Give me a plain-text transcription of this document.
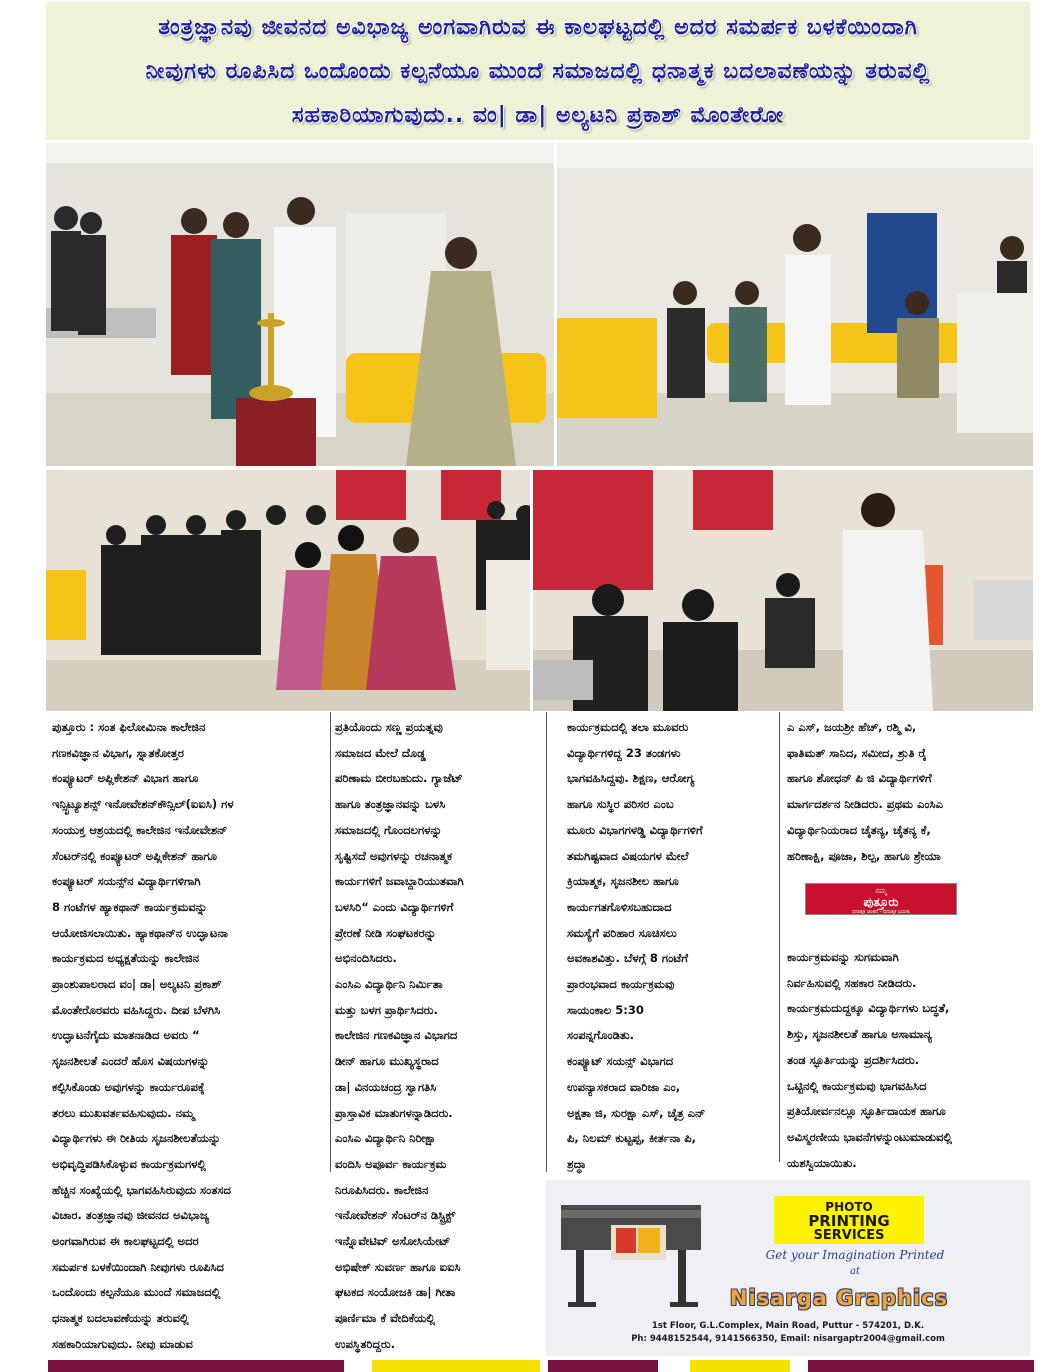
ತಂತ್ರಜ್ಞಾನವು ಜೀವನದ ಅವಿಭಾಜ್ಯ ಅಂಗವಾಗಿರುವ ಈ ಕಾಲಘಟ್ಟದಲ್ಲಿ ಅದರ ಸಮರ್ಪಕ ಬಳಕೆಯಿಂದಾಗಿ
ನೀವುಗಳು ರೂಪಿಸಿದ ಒಂದೊಂದು ಕಲ್ಪನೆಯೂ ಮುಂದೆ ಸಮಾಜದಲ್ಲಿ ಧನಾತ್ಮಕ ಬದಲಾವಣೆಯನ್ನು ತರುವಲ್ಲಿ
ಸಹಕಾರಿಯಾಗುವುದು.. ವಂ| ಡಾ| ಅಲ್ಯಟನಿ ಪ್ರಕಾಶ್ ಮೊಂತೇರೋ

ಪುತ್ತೂರು : ಸಂತ ಫಿಲೋಮಿನಾ ಕಾಲೇಜಿನ

ಗಣಕವಿಜ್ಞಾನ ವಿಭಾಗ, ಸ್ನಾತಕೋತ್ತರ

ಕಂಪ್ಯೂಟರ್ ಅಪ್ಲಿಕೇಶನ್ ವಿಭಾಗ ಹಾಗೂ

ಇನ್ಸ್ಟಿಟ್ಯೂಶನ್ಸ್ ಇನೋವೇಶನ್‌ಕೌನ್ಸಿಲ್(ಐಐಸಿ) ಗಳ

ಸಂಯುಕ್ತ ಆಶ್ರಯದಲ್ಲಿ ಕಾಲೇಜಿನ ಇನೋವೇಶನ್

ಸೆಂಟರ್‌ನಲ್ಲಿ ಕಂಪ್ಯೂಟರ್ ಅಪ್ಲಿಕೇಶನ್ ಹಾಗೂ

ಕಂಪ್ಯೂಟರ್ ಸಯನ್ಸ್‌ನ ವಿದ್ಯಾರ್ಥಿಗಳಿಗಾಗಿ

8 ಗಂಟೆಗಳ ಹ್ಯಾಕಥಾನ್ ಕಾರ್ಯಕ್ರಮವನ್ನು

ಆಯೋಜಿಸಲಾಯಿತು. ಹ್ಯಾಕಥಾನ್‌ನ ಉದ್ಘಾಟನಾ

ಕಾರ್ಯಕ್ರಮದ ಅಧ್ಯಕ್ಷತೆಯನ್ನು ಕಾಲೇಜಿನ

ಪ್ರಾಂಶುಪಾಲರಾದ ವಂ| ಡಾ| ಅಲ್ಯಟನಿ ಪ್ರಕಾಶ್

ಮೊಂತೇರೊರವರು ವಹಿಸಿದ್ದರು. ದೀಪ ಬೆಳಗಿಸಿ

ಉದ್ಘಾಟನೆಗೈದು ಮಾತನಾಡಿದ ಅವರು “

ಸೃಜನಶೀಲತೆ ಎಂದರೆ ಹೊಸ ವಿಷಯಗಳನ್ನು

ಕಲ್ಪಿಸಿಕೊಂಡು ಅವುಗಳನ್ನು ಕಾರ್ಯರೂಪಕ್ಕೆ

ತರಲು ಮುಖವರ್ತವಹಿಸುವುದು. ನಮ್ಮ

ವಿದ್ಯಾರ್ಥಿಗಳು ಈ ರೀತಿಯ ಸೃಜನಶೀಲತೆಯನ್ನು

ಅಭಿವೃದ್ಧಿಪಡಿಸಿಕೊಳ್ಳುವ ಕಾರ್ಯಕ್ರಮಗಳಲ್ಲಿ

ಹೆಚ್ಚಿನ ಸಂಖ್ಯೆಯಲ್ಲಿ ಭಾಗವಹಿಸಿರುವುದು ಸಂತಸದ

ವಿಚಾರ. ತಂತ್ರಜ್ಞಾನವು ಜೀವನದ ಅವಿಭಾಜ್ಯ

ಅಂಗವಾಗಿರುವ ಈ ಕಾಲಘಟ್ಟದಲ್ಲಿ ಅದರ

ಸಮರ್ಪಕ ಬಳಕೆಯಿಂದಾಗಿ ನೀವುಗಳು ರೂಪಿಸಿದ

ಒಂದೊಂದು ಕಲ್ಪನೆಯೂ ಮುಂದೆ ಸಮಾಜದಲ್ಲಿ

ಧನಾತ್ಮಕ ಬದಲಾವಣೆಯನ್ನು ತರುವಲ್ಲಿ

ಸಹಕಾರಿಯಾಗುವುದು. ನೀವು ಮಾಡುವ

ಪ್ರತಿಯೊಂದು ಸಣ್ಣ ಪ್ರಯತ್ನವು

ಸಮಾಜದ ಮೇಲೆ ದೊಡ್ಡ

ಪರಿಣಾಮ ಬೀರಬಹುದು. ಗ್ಯಾಜೆಟ್

ಹಾಗೂ ತಂತ್ರಜ್ಞಾನವನ್ನು ಬಳಸಿ

ಸಮಾಜದಲ್ಲಿ ಗೊಂದಲಗಳನ್ನು

ಸೃಷ್ಟಿಸದೆ ಅವುಗಳನ್ನು ರಚನಾತ್ಮಕ

ಕಾರ್ಯಗಳಿಗೆ ಜವಾಬ್ದಾರಿಯುತವಾಗಿ

ಬಳಸಿರಿ“ ಎಂದು ವಿದ್ಯಾರ್ಥಿಗಳಿಗೆ

ಪ್ರೇರಣೆ ನೀಡಿ ಸಂಘಟಕರನ್ನು

ಅಭಿನಂದಿಸಿದರು.

ಎಂಸಿಎ ವಿದ್ಯಾರ್ಥಿನಿ ನಿರ್ಮಿತಾ

ಮತ್ತು ಬಳಗ ಪ್ರಾರ್ಥಿಸಿದರು.

ಕಾಲೇಜಿನ ಗಣಕವಿಜ್ಞಾನ ವಿಭಾಗದ

ಡೀನ್ ಹಾಗೂ ಮುಖ್ಯಸ್ಥರಾದ

ಡಾ| ವಿನಯಚಂದ್ರ ಸ್ವಾಗತಿಸಿ

ಪ್ರಾಸ್ತಾವಿಕ ಮಾತುಗಳನ್ನಾಡಿದರು.

ಎಂಸಿಎ ವಿದ್ಯಾರ್ಥಿನಿ ನಿರೀಕ್ಷಾ

ವಂದಿಸಿ ಅಪೂರ್ವ ಕಾರ್ಯಕ್ರಮ

ನಿರೂಪಿಸಿದರು. ಕಾಲೇಜಿನ

ಇನೋವೇಶನ್ ಸೆಂಟರ್‌ನ ಡಿಸ್ಟ್ರಿಕ್ಟ್

ಇನ್ನೊವೇಟಿವ್ ಅಸೋಸಿಯೇಟ್

ಅಭಿಷೇಕ್ ಸುವರ್ಣ ಹಾಗೂ ಐಐಸಿ

ಘಟಕದ ಸಂಯೋಜಕಿ ಡಾ| ಗೀತಾ

ಪೂರ್ಣಿಮಾ ಕೆ ವೇದಿಕೆಯಲ್ಲಿ

ಉಪಸ್ಥಿತರಿದ್ದರು.

ಕಾರ್ಯಕ್ರಮದಲ್ಲಿ ತಲಾ ಮೂವರು

ವಿದ್ಯಾರ್ಥಿಗಳಿದ್ದ 23 ತಂಡಗಳು

ಭಾಗವಹಿಸಿದ್ದವು. ಶಿಕ್ಷಣ, ಆರೋಗ್ಯ

ಹಾಗೂ ಸುಸ್ಥಿರ ಪರಿಸರ ಎಂಬ

ಮೂರು ವಿಭಾಗಗಳಡ್ಡಿ ವಿದ್ಯಾರ್ಥಿಗಳಿಗೆ

ತಮಗಿಷ್ಟವಾದ ವಿಷಯಗಳ ಮೇಲೆ

ಕ್ರಿಯಾತ್ಮಕ, ಸೃಜನಶೀಲ ಹಾಗೂ

ಕಾರ್ಯಗತಗೊಳಿಸಬಹುದಾದ

ಸಮಸ್ಯೆಗೆ ಪರಿಹಾರ ಸೂಚಿಸಲು

ಅವಕಾಶವಿತ್ತು. ಬೆಳಗ್ಗೆ 8 ಗಂಟೆಗೆ

ಪ್ರಾರಂಭವಾದ ಕಾರ್ಯಕ್ರಮವು

ಸಾಯಂಕಾಲ 5:30

ಸಂಪನ್ನಗೊಂಡಿತು.

ಕಂಪ್ಯೂಟ್ ಸಯನ್ಸ್ ವಿಭಾಗದ

ಉಪನ್ಯಾಸಕರಾದ ವಾರಿಜಾ ಎಂ,

ಅಕ್ಷತಾ ಜಿ, ಸುರಕ್ಷಾ ಎಸ್, ಚೈತ್ರ ಎನ್

ಪಿ, ನಿಲಮ್ ಕುಟ್ಟಪ್ಪ, ಕೀರ್ತನಾ ಪಿ,

ಶ್ರದ್ಧಾ

ಎ ಎಸ್, ಜಯಶ್ರೀ ಹೆಚ್, ರಶ್ಮಿ ವಿ,

ಫಾತಿಮತ್ ಸಾನಿದ, ಸಮೀದ, ಶ್ರುತಿ ರೈ

ಹಾಗೂ ಶೋಧನ್ ಪಿ ಜಿ ವಿದ್ಯಾರ್ಥಿಗಳಿಗೆ

ಮಾರ್ಗದರ್ಶನ ನೀಡಿದರು. ಪ್ರಥಮ ಎಂಸಿಎ

ವಿದ್ಯಾರ್ಥಿನಿಯರಾದ ಚೈತನ್ಯ, ಚೈತನ್ಯ ಕೆ,

ಹರಿಣಾಕ್ಷಿ, ಪೂಜಾ, ಶಿಲ್ಪ, ಹಾಗೂ ಶ್ರೇಯಾ

ನಮ್ಮ
ಪುತ್ತೂರು
ಧನಾತ್ಮಕ ಚಿಂತನೆ - ಧನಾತ್ಮಕ ಬದುಕು

ಕಾರ್ಯಕ್ರಮವನ್ನು ಸುಗಮವಾಗಿ

ನಿರ್ವಹಿಸುವಲ್ಲಿ ಸಹಕಾರ ನೀಡಿದರು.

ಕಾರ್ಯಕ್ರಮದುದ್ದಕ್ಕೂ ವಿದ್ಯಾರ್ಥಿಗಳು ಬದ್ಧತೆ,

ಶಿಸ್ತು, ಸೃಜನಶೀಲತೆ ಹಾಗೂ ಅಸಾಮಾನ್ಯ

ತಂಡ ಸ್ಫೂರ್ತಿಯನ್ನು ಪ್ರದರ್ಶಿಸಿದರು.

ಒಟ್ಟಿನಲ್ಲಿ ಕಾರ್ಯಕ್ರಮವು ಭಾಗವಹಿಸಿದ

ಪ್ರತಿಯೋರ್ವನಲ್ಲೂ ಸ್ಫೂರ್ತಿದಾಯಕ ಹಾಗೂ

ಅವಿಸ್ಮರಣೀಯ ಭಾವನೆಗಳನ್ನುಂಟುಮಾಡುವಲ್ಲಿ

ಯಶಸ್ವಿಯಾಯಿತು.

PHOTO
PRINTING
SERVICES
Get your Imagination Printed
at
Nisarga Graphics
1st Floor, G.L.Complex, Main Road, Puttur - 574201, D.K.
Ph: 9448152544, 9141566350, Email: nisargaptr2004@gmail.com
